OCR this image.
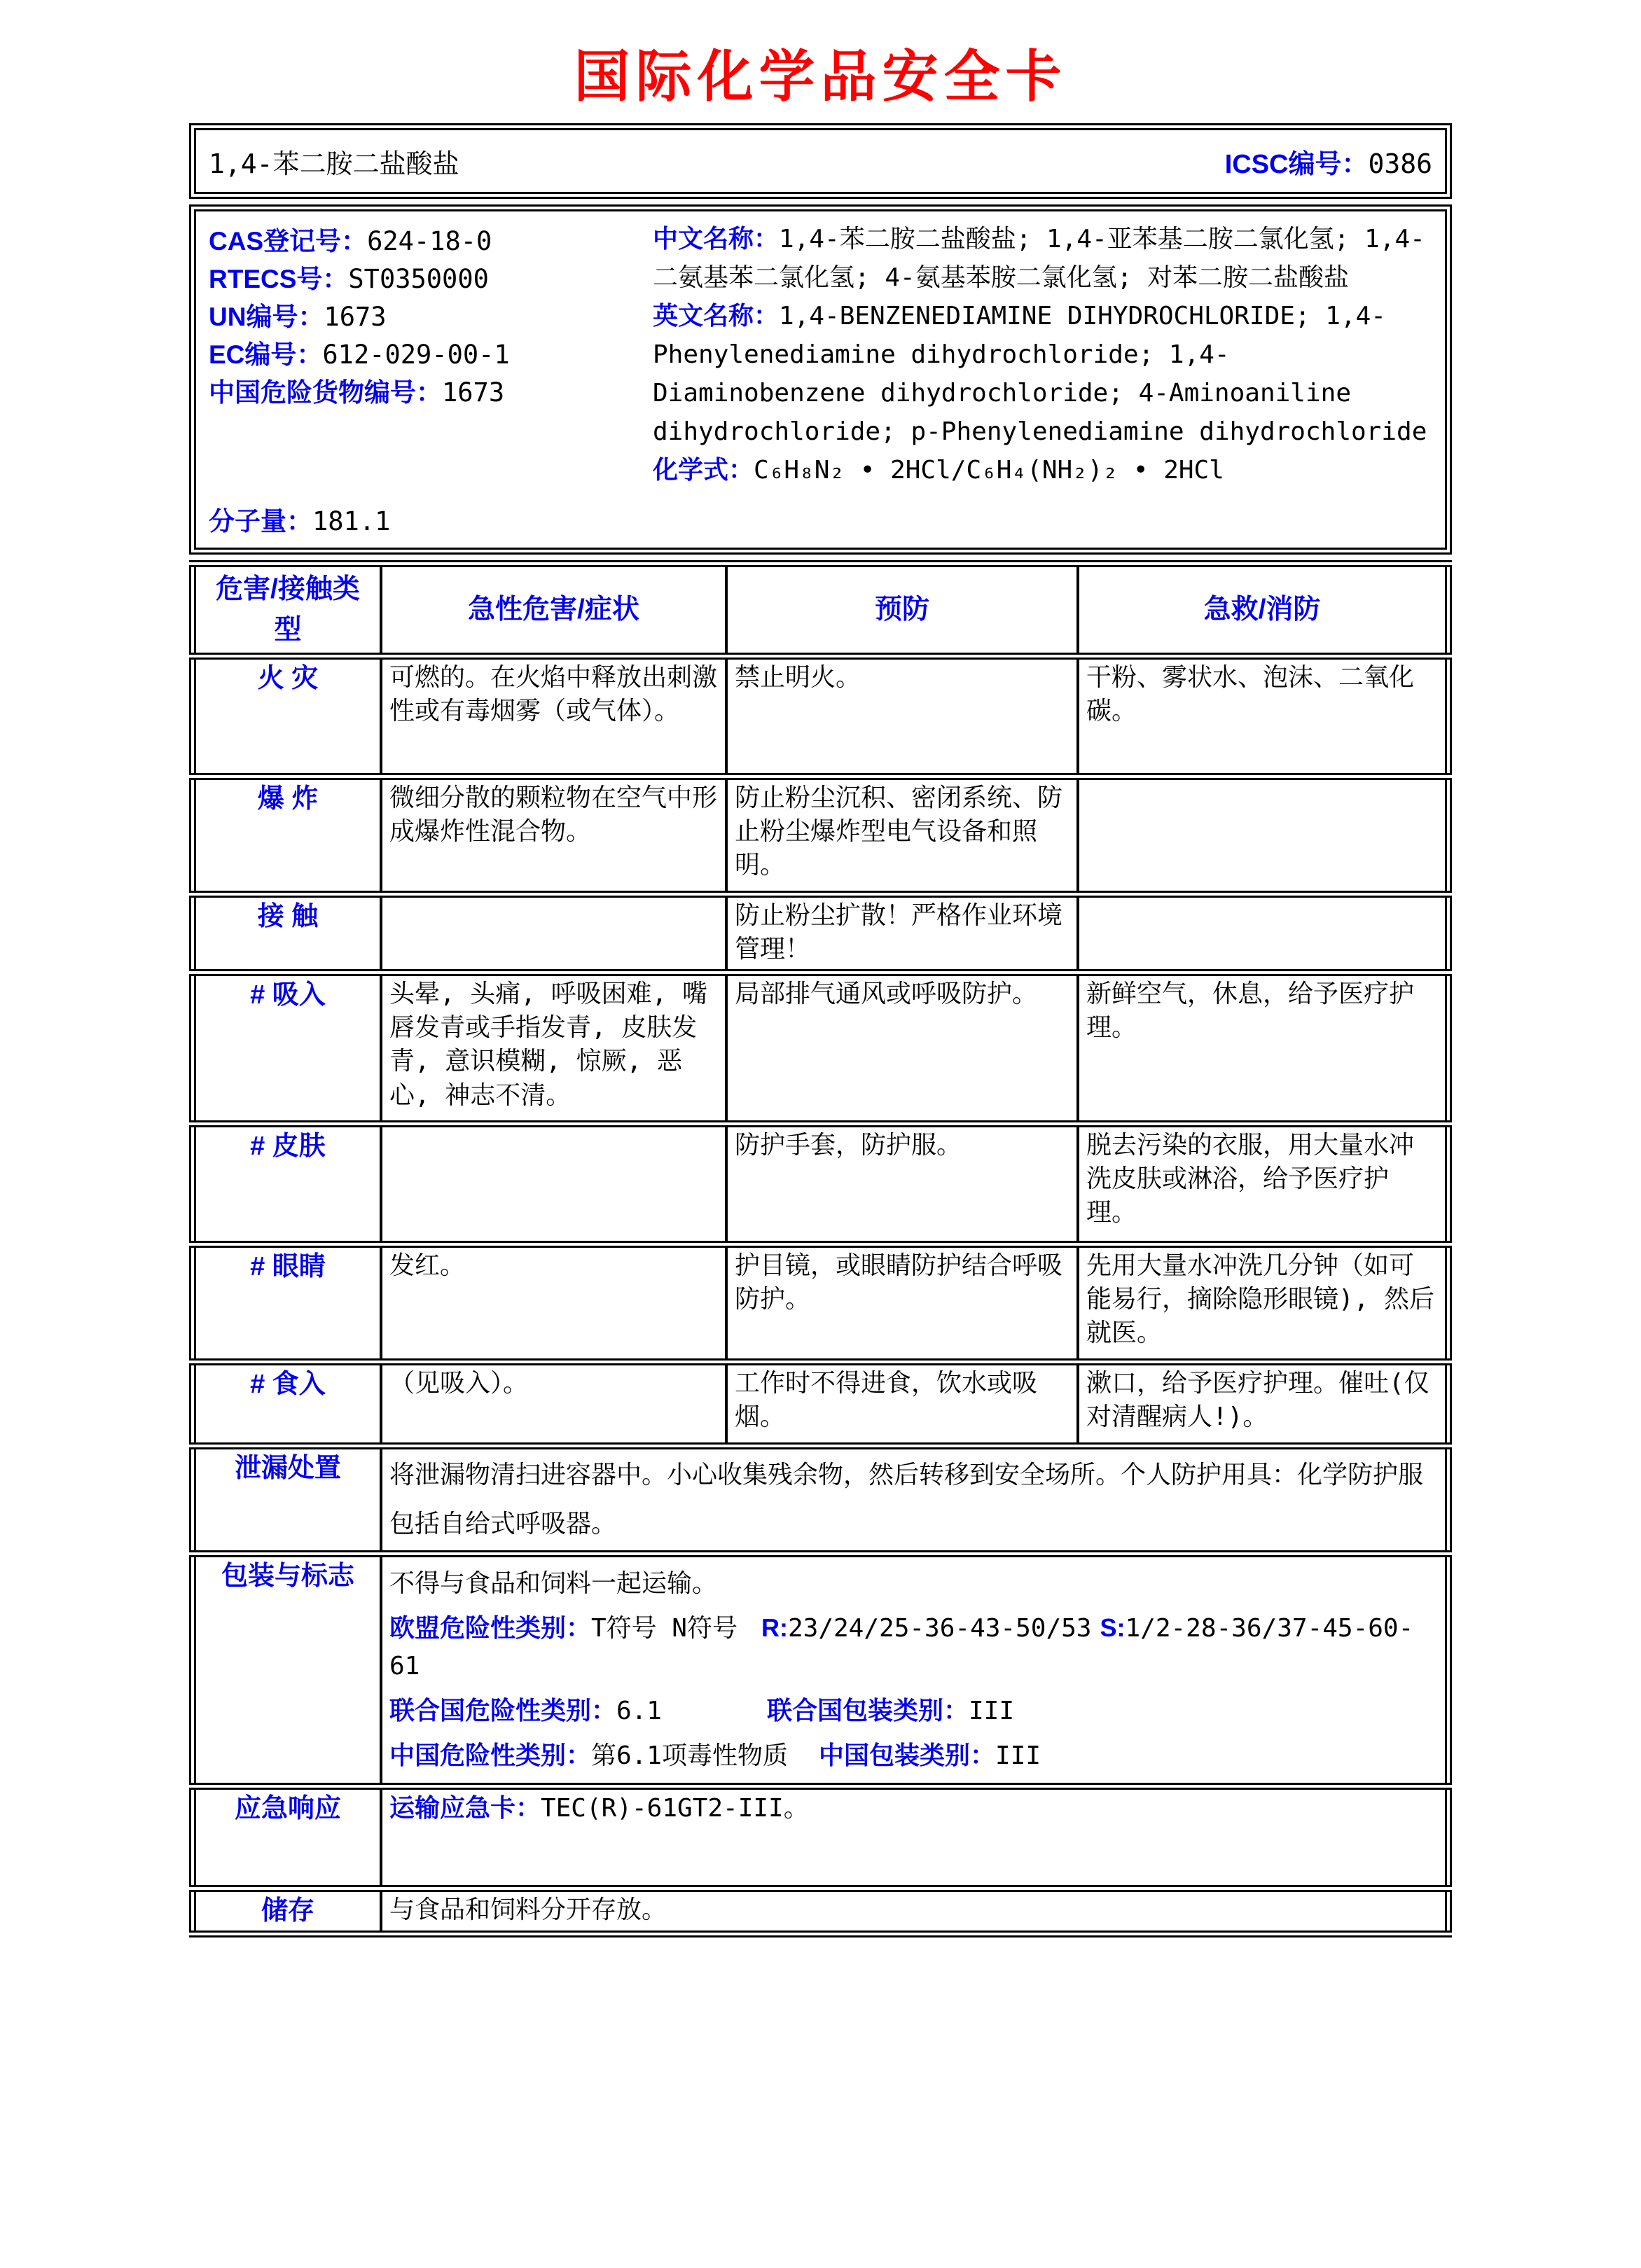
国际化学品安全卡
1,4-苯二胺二盐酸盐	ICSC编号：0386
CAS登记号：624-18-0
RTECS号：ST0350000
UN编号：1673
EC编号：612-029-00-1
中国危险货物编号：1673
分子量：181.1

中文名称：1,4-苯二胺二盐酸盐; 1,4-亚苯基二胺二氯化氢; 1,4-二氨基苯二氯化氢; 4-氨基苯胺二氯化氢; 对苯二胺二盐酸盐

英文名称：1,4-BENZENEDIAMINE DIHYDROCHLORIDE; 1,4-Phenylenediamine dihydrochloride; 1,4-Diaminobenzene dihydrochloride; 4-Aminoaniline dihydrochloride; p-Phenylenediamine dihydrochloride

化学式：C₆H₈N₂ • 2HCl/C₆H₄(NH₂)₂ • 2HCl

危害/接触类型	急性危害/症状	预防	急救/消防
火 灾	可燃的。在火焰中释放出刺激性或有毒烟雾（或气体）。	禁止明火。	干粉、雾状水、泡沫、二氧化碳。
爆 炸	微细分散的颗粒物在空气中形成爆炸性混合物。	防止粉尘沉积、密闭系统、防止粉尘爆炸型电气设备和照明。	
接 触		防止粉尘扩散！严格作业环境管理！	
# 吸入	头晕, 头痛, 呼吸困难, 嘴唇发青或手指发青, 皮肤发青, 意识模糊, 惊厥, 恶心, 神志不清。	局部排气通风或呼吸防护。	新鲜空气，休息，给予医疗护理。
# 皮肤		防护手套，防护服。	脱去污染的衣服，用大量水冲洗皮肤或淋浴，给予医疗护理。
# 眼睛	发红。	护目镜，或眼睛防护结合呼吸防护。	先用大量水冲洗几分钟（如可能易行，摘除隐形眼镜), 然后就医。
# 食入	（见吸入）。	工作时不得进食，饮水或吸烟。	漱口，给予医疗护理。催吐(仅对清醒病人!)。
泄漏处置	将泄漏物清扫进容器中。小心收集残余物，然后转移到安全场所。个人防护用具：化学防护服包括自给式呼吸器。		
包装与标志	不得与食品和饲料一起运输。
欧盟危险性类别：T符号 N符号 R:23/24/25-36-43-50/53 S:1/2-28-36/37-45-60-61
联合国危险性类别：6.1 联合国包装类别：III
中国危险性类别：第6.1项毒性物质 中国包装类别：III		

应急响应	运输应急卡：TEC(R)-61GT2-III。		
储存	与食品和饲料分开存放。		
